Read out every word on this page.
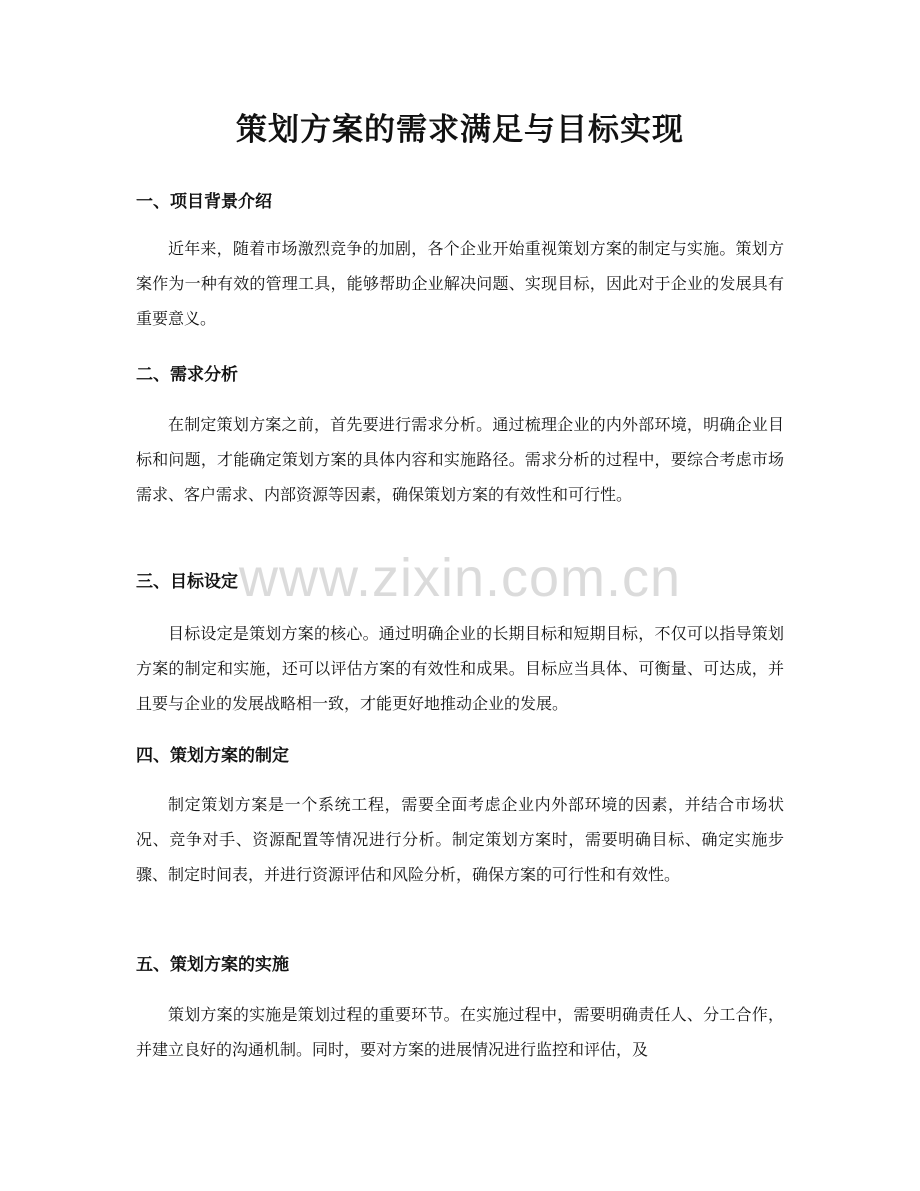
策划方案的需求满足与目标实现
一、项目背景介绍

近年来，随着市场激烈竞争的加剧，各个企业开始重视策划方案的制定与实施。策划方案作为一种有效的管理工具，能够帮助企业解决问题、实现目标，因此对于企业的发展具有重要意义。

二、需求分析

在制定策划方案之前，首先要进行需求分析。通过梳理企业的内外部环境，明确企业目标和问题，才能确定策划方案的具体内容和实施路径。需求分析的过程中，要综合考虑市场需求、客户需求、内部资源等因素，确保策划方案的有效性和可行性。

三、目标设定

目标设定是策划方案的核心。通过明确企业的长期目标和短期目标，不仅可以指导策划方案的制定和实施，还可以评估方案的有效性和成果。目标应当具体、可衡量、可达成，并且要与企业的发展战略相一致，才能更好地推动企业的发展。

四、策划方案的制定

制定策划方案是一个系统工程，需要全面考虑企业内外部环境的因素，并结合市场状况、竞争对手、资源配置等情况进行分析。制定策划方案时，需要明确目标、确定实施步骤、制定时间表，并进行资源评估和风险分析，确保方案的可行性和有效性。

五、策划方案的实施

策划方案的实施是策划过程的重要环节。在实施过程中，需要明确责任人、分工合作，并建立良好的沟通机制。同时，要对方案的进展情况进行监控和评估，及

www.zixin.com.cn
